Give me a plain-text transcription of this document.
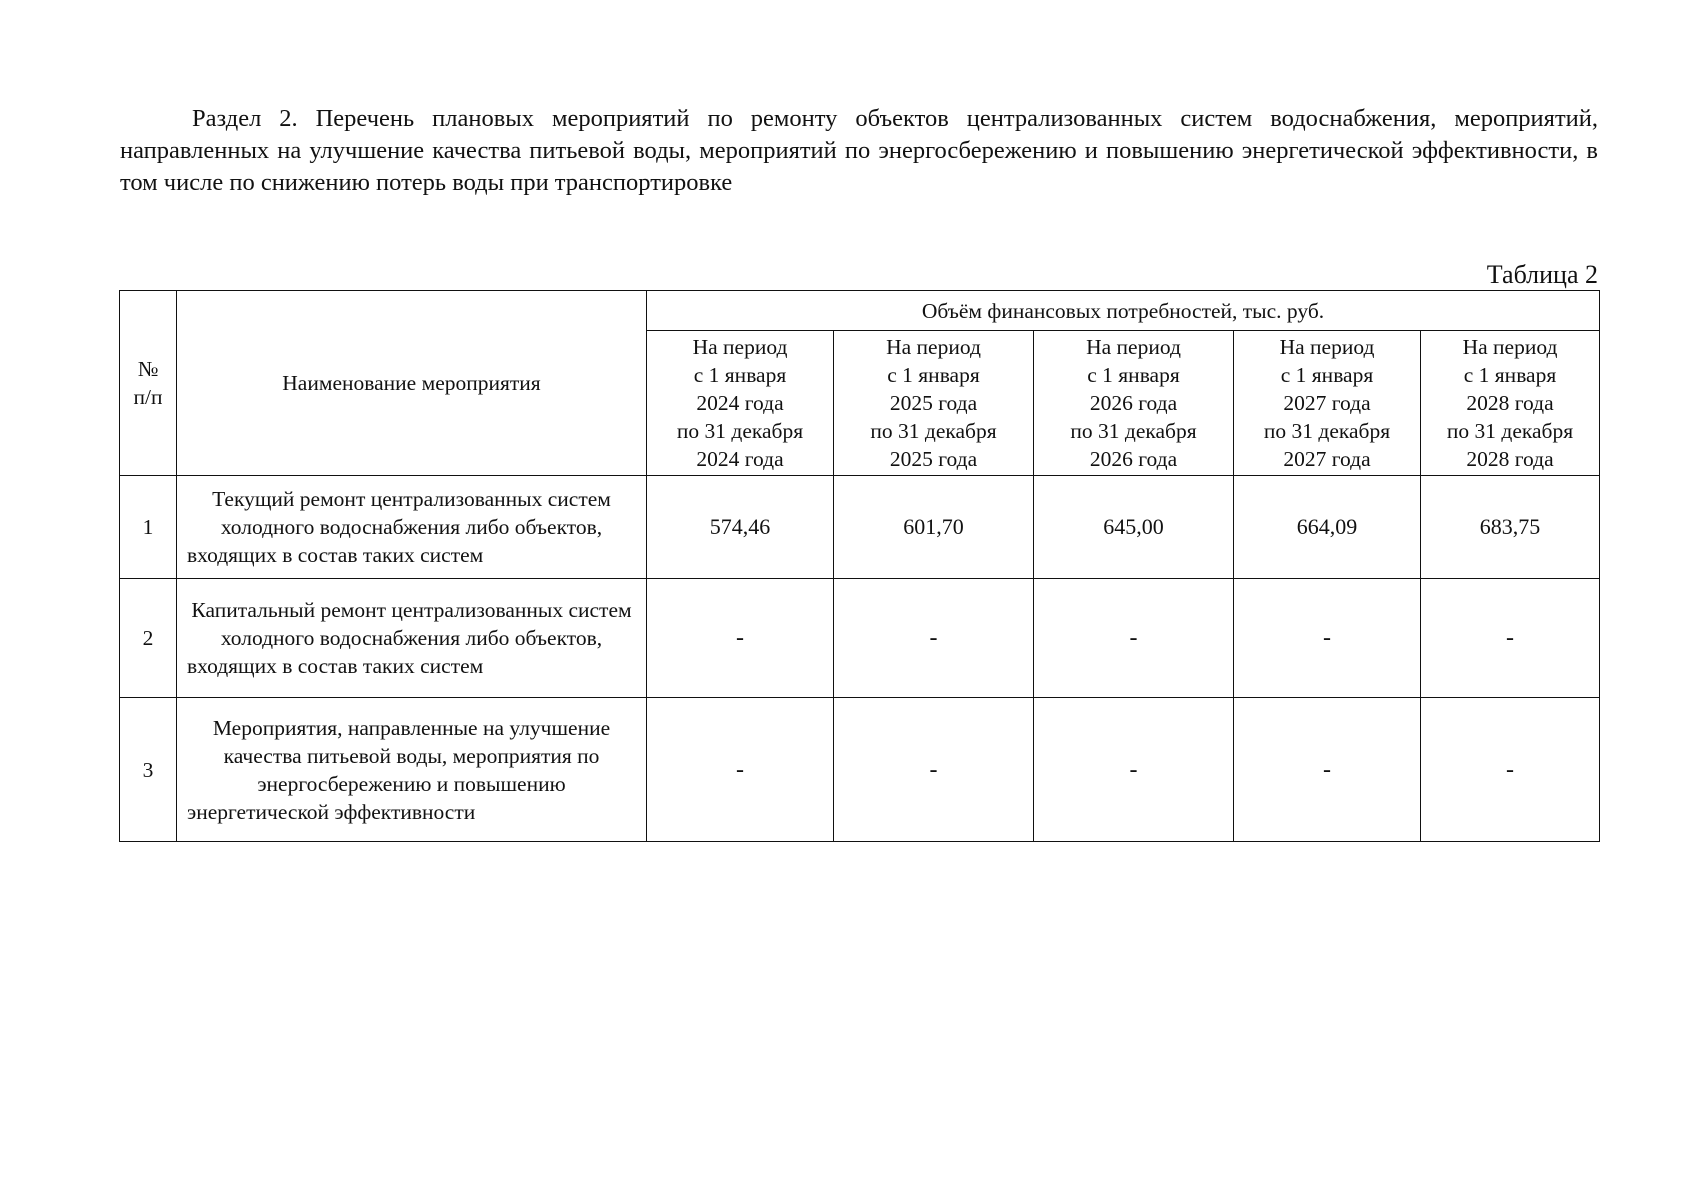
Раздел 2. Перечень плановых мероприятий по ремонту объектов централизованных систем водоснабжения, мероприятий, направленных на улучшение качества питьевой воды, мероприятий по энергосбережению и повышению энергетической эффективности, в том числе по снижению потерь воды при транспортировке
Таблица 2
№ п/п	Наименование мероприятия	Объём финансовых потребностей, тыс. руб.				

		На период
с 1 января
2024 года
по 31 декабря
2024 года	На период
с 1 января
2025 года
по 31 декабря
2025 года	На период
с 1 января
2026 года
по 31 декабря
2026 года	На период
с 1 января
2027 года
по 31 декабря
2027 года	На период
с 1 января
2028 года
по 31 декабря
2028 года

1	Текущий ремонт централизованных систем холодного водоснабжения либо объектов, входящих в состав таких систем	574,46	601,70	645,00	664,09	683,75
2	Капитальный ремонт централизованных систем холодного водоснабжения либо объектов, входящих в состав таких систем	-	-	-	-	-
3	Мероприятия, направленные на улучшение качества питьевой воды, мероприятия по энергосбережению и повышению энергетической эффективности	-	-	-	-	-
